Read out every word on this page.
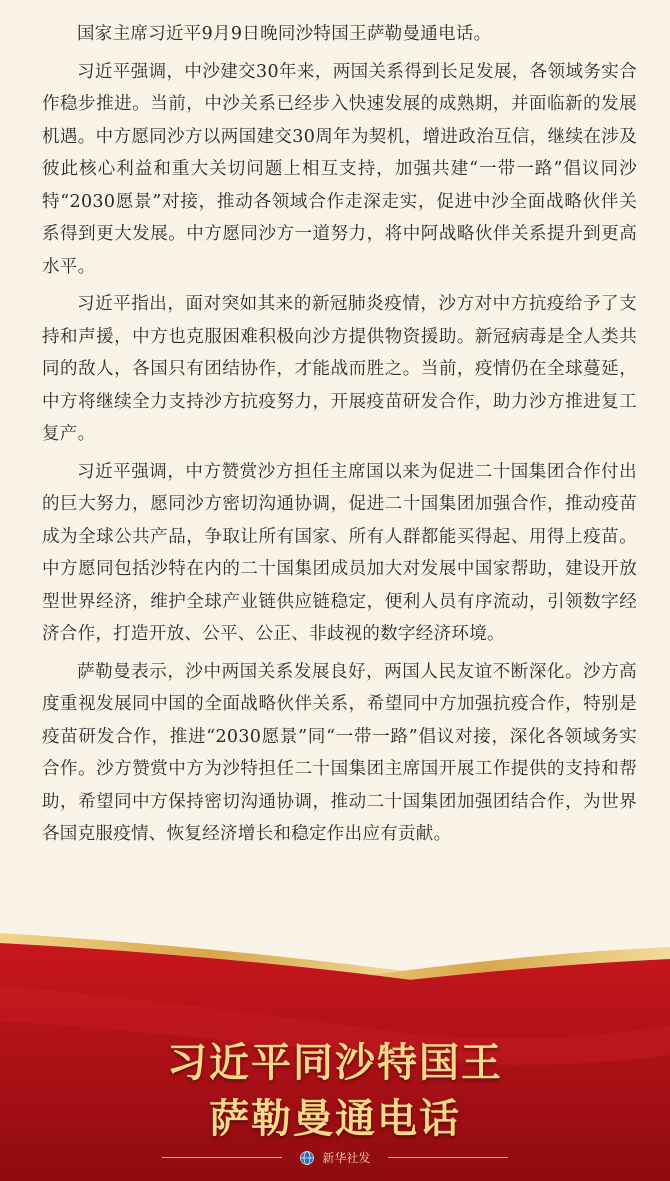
国家主席习近平9月9日晚同沙特国王萨勒曼通电话。

习近平强调，中沙建交30年来，两国关系得到长足发展，各领域务实合作稳步推进。当前，中沙关系已经步入快速发展的成熟期，并面临新的发展机遇。中方愿同沙方以两国建交30周年为契机，增进政治互信，继续在涉及彼此核心利益和重大关切问题上相互支持，加强共建“一带一路”倡议同沙特“2030愿景”对接，推动各领域合作走深走实，促进中沙全面战略伙伴关系得到更大发展。中方愿同沙方一道努力，将中阿战略伙伴关系提升到更高水平。

习近平指出，面对突如其来的新冠肺炎疫情，沙方对中方抗疫给予了支持和声援，中方也克服困难积极向沙方提供物资援助。新冠病毒是全人类共同的敌人，各国只有团结协作，才能战而胜之。当前，疫情仍在全球蔓延，中方将继续全力支持沙方抗疫努力，开展疫苗研发合作，助力沙方推进复工复产。

习近平强调，中方赞赏沙方担任主席国以来为促进二十国集团合作付出的巨大努力，愿同沙方密切沟通协调，促进二十国集团加强合作，推动疫苗成为全球公共产品，争取让所有国家、所有人群都能买得起、用得上疫苗。中方愿同包括沙特在内的二十国集团成员加大对发展中国家帮助，建设开放型世界经济，维护全球产业链供应链稳定，便利人员有序流动，引领数字经济合作，打造开放、公平、公正、非歧视的数字经济环境。

萨勒曼表示，沙中两国关系发展良好，两国人民友谊不断深化。沙方高度重视发展同中国的全面战略伙伴关系，希望同中方加强抗疫合作，特别是疫苗研发合作，推进“2030愿景”同“一带一路”倡议对接，深化各领域务实合作。沙方赞赏中方为沙特担任二十国集团主席国开展工作提供的支持和帮助，希望同中方保持密切沟通协调，推动二十国集团加强团结合作，为世界各国克服疫情、恢复经济增长和稳定作出应有贡献。

习近平同沙特国王
萨勒曼通电话
新华社发
